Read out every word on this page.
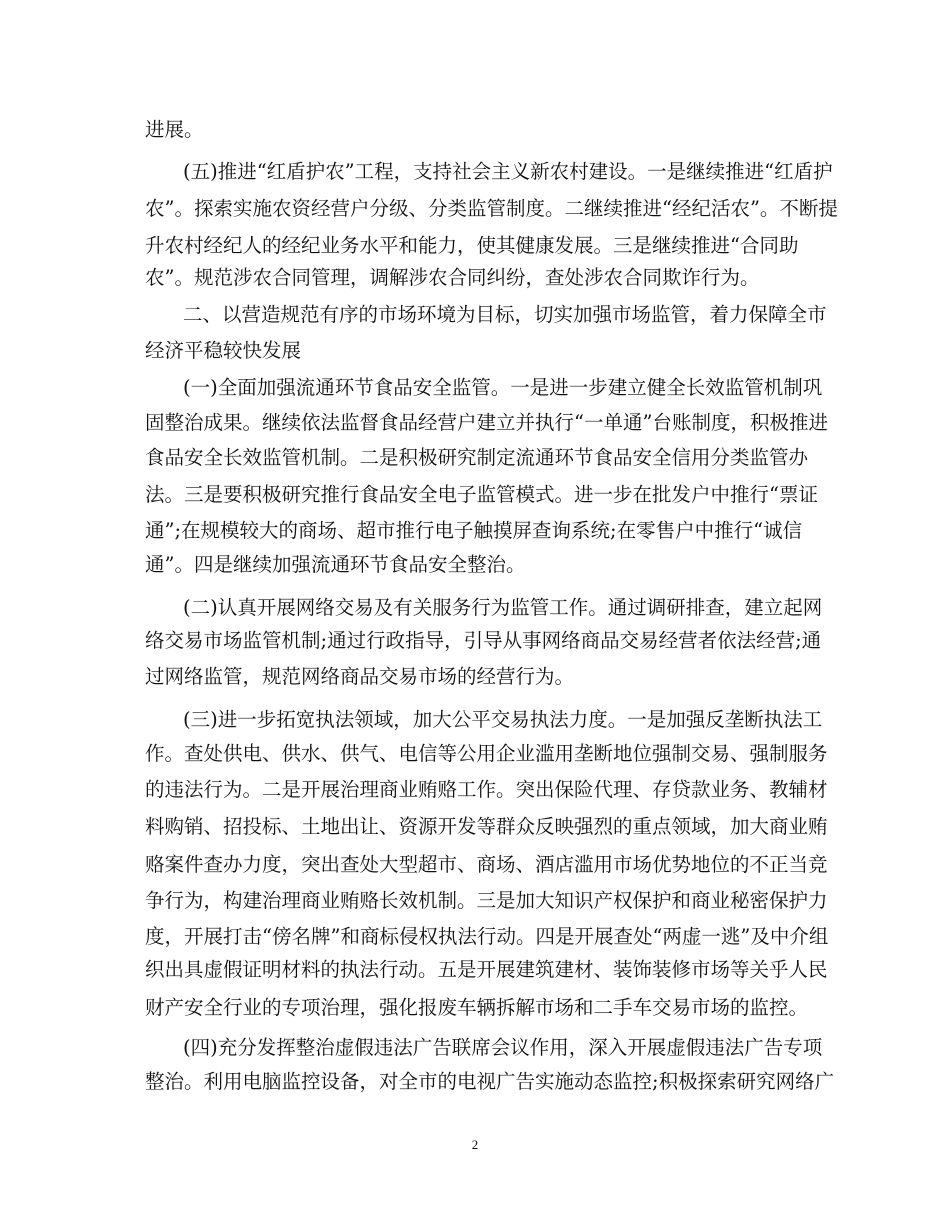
进展。
(五)推进“红盾护农”工程，支持社会主义新农村建设。一是继续推进“红盾护
农”。探索实施农资经营户分级、分类监管制度。二继续推进“经纪活农”。不断提
升农村经纪人的经纪业务水平和能力，使其健康发展。三是继续推进“合同助
农”。规范涉农合同管理，调解涉农合同纠纷，查处涉农合同欺诈行为。
二、以营造规范有序的市场环境为目标，切实加强市场监管，着力保障全市
经济平稳较快发展
(一)全面加强流通环节食品安全监管。一是进一步建立健全长效监管机制巩
固整治成果。继续依法监督食品经营户建立并执行“一单通”台账制度，积极推进
食品安全长效监管机制。二是积极研究制定流通环节食品安全信用分类监管办
法。三是要积极研究推行食品安全电子监管模式。进一步在批发户中推行“票证
通”;在规模较大的商场、超市推行电子触摸屏查询系统;在零售户中推行“诚信
通”。四是继续加强流通环节食品安全整治。
(二)认真开展网络交易及有关服务行为监管工作。通过调研排查，建立起网
络交易市场监管机制;通过行政指导，引导从事网络商品交易经营者依法经营;通
过网络监管，规范网络商品交易市场的经营行为。
(三)进一步拓宽执法领域，加大公平交易执法力度。一是加强反垄断执法工
作。查处供电、供水、供气、电信等公用企业滥用垄断地位强制交易、强制服务
的违法行为。二是开展治理商业贿赂工作。突出保险代理、存贷款业务、教辅材
料购销、招投标、土地出让、资源开发等群众反映强烈的重点领域，加大商业贿
赂案件查办力度，突出查处大型超市、商场、酒店滥用市场优势地位的不正当竞
争行为，构建治理商业贿赂长效机制。三是加大知识产权保护和商业秘密保护力
度，开展打击“傍名牌”和商标侵权执法行动。四是开展查处“两虚一逃”及中介组
织出具虚假证明材料的执法行动。五是开展建筑建材、装饰装修市场等关乎人民
财产安全行业的专项治理，强化报废车辆拆解市场和二手车交易市场的监控。
(四)充分发挥整治虚假违法广告联席会议作用，深入开展虚假违法广告专项
整治。利用电脑监控设备，对全市的电视广告实施动态监控;积极探索研究网络广
2
